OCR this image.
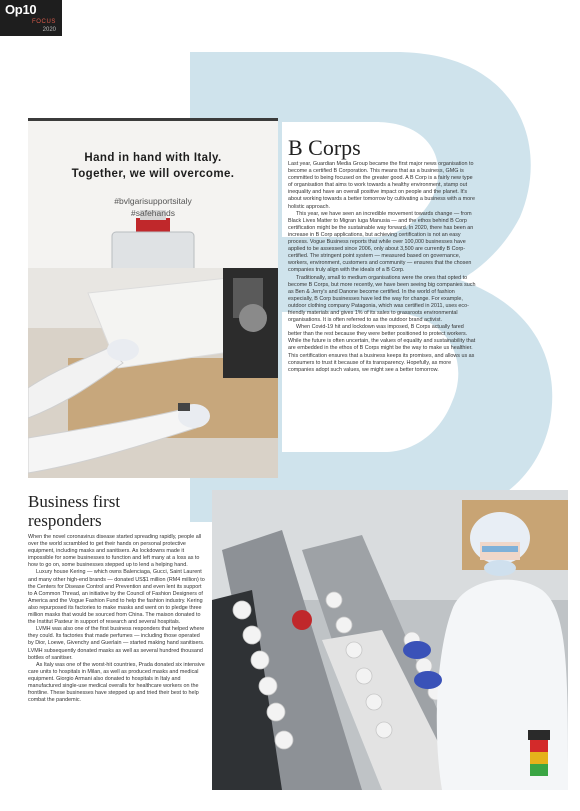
Op10
FOCUS
2020
Hand in hand with Italy.
Together, we will overcome.
#bvlgarisupportsitaly
#safehands
B Corps

Last year, Guardian Media Group became the first major news organisation to become a certified B Corporation. This means that as a business, GMG is committed to being focused on the greater good. A B Corp is a fairly new type of organisation that aims to work towards a healthy environment, stamp out inequality and have an overall positive impact on people and the planet. It's about working towards a better tomorrow by cultivating a business with a more holistic approach.

This year, we have seen an incredible movement towards change — from Black Lives Matter to Migran Iuga Manusia — and the ethos behind B Corp certification might be the sustainable way forward. In 2020, there has been an increase in B Corp applications, but achieving certification is not an easy process. Vogue Business reports that while over 100,000 businesses have applied to be assessed since 2006, only about 3,500 are currently B Corp-certified. The stringent point system — measured based on governance, workers, environment, customers and community — ensures that the chosen companies truly align with the ideals of a B Corp.

Traditionally, small to medium organisations were the ones that opted to become B Corps, but more recently, we have been seeing big companies such as Ben & Jerry's and Danone become certified. In the world of fashion especially, B Corp businesses have led the way for change. For example, outdoor clothing company Patagonia, which was certified in 2011, uses eco-friendly materials and gives 1% of its sales to grassroots environmental organisations. It is often referred to as the outdoor brand activist.

When Covid-19 hit and lockdown was imposed, B Corps actually fared better than the rest because they were better positioned to protect workers. While the future is often uncertain, the values of equality and sustainability that are embedded in the ethos of B Corps might be the way to make us healthier. This certification ensures that a business keeps its promises, and allows us as consumers to trust it because of its transparency. Hopefully, as more companies adopt such values, we might see a better tomorrow.

Business first
responders

When the novel coronavirus disease started spreading rapidly, people all over the world scrambled to get their hands on personal protective equipment, including masks and sanitisers. As lockdowns made it impossible for some businesses to function and left many at a loss as to how to go on, some businesses stepped up to lend a helping hand.

Luxury house Kering — which owns Balenciaga, Gucci, Saint Laurent and many other high-end brands — donated US$1 million (RM4 million) to the Centers for Disease Control and Prevention and even lent its support to A Common Thread, an initiative by the Council of Fashion Designers of America and the Vogue Fashion Fund to help the fashion industry. Kering also repurposed its factories to make masks and went on to pledge three million masks that would be sourced from China. The maison donated to the Institut Pasteur in support of research and several hospitals.

LVMH was also one of the first business responders that helped where they could. Its factories that made perfumes — including those operated by Dior, Loewe, Givenchy and Guerlain — started making hand sanitisers. LVMH subsequently donated masks as well as several hundred thousand bottles of sanitiser.

As Italy was one of the worst-hit countries, Prada donated six intensive care units to hospitals in Milan, as well as produced masks and medical equipment. Giorgio Armani also donated to hospitals in Italy and manufactured single-use medical overalls for healthcare workers on the frontline. These businesses have stepped up and tried their best to help combat the pandemic.
